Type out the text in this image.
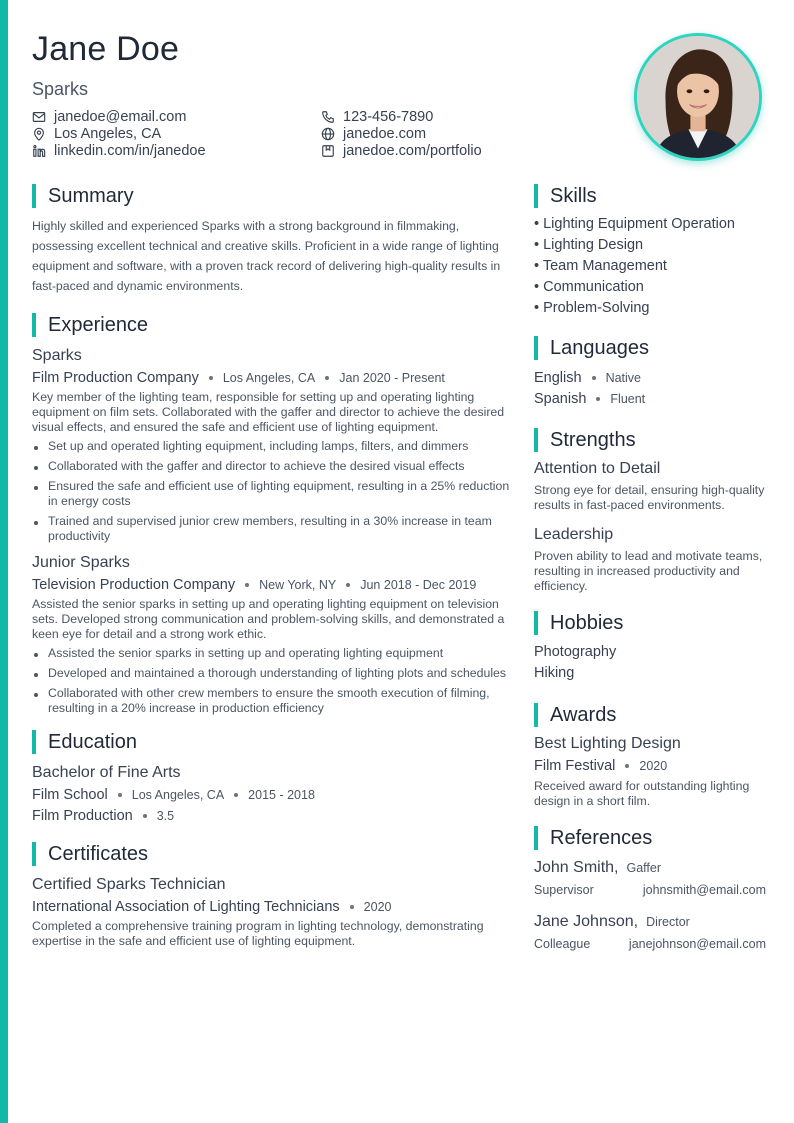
Jane Doe
Sparks
janedoe@email.com	123-456-7890
Los Angeles, CA	janedoe.com
linkedin.com/in/janedoe	janedoe.com/portfolio
Summary
Highly skilled and experienced Sparks with a strong background in filmmaking, possessing excellent technical and creative skills. Proficient in a wide range of lighting equipment and software, with a proven track record of delivering high-quality results in fast-paced and dynamic environments.
Experience
Sparks
Film Production Company Los Angeles, CA Jan 2020 - Present
Key member of the lighting team, responsible for setting up and operating lighting equipment on film sets. Collaborated with the gaffer and director to achieve the desired visual effects, and ensured the safe and efficient use of lighting equipment.
Set up and operated lighting equipment, including lamps, filters, and dimmers
Collaborated with the gaffer and director to achieve the desired visual effects
Ensured the safe and efficient use of lighting equipment, resulting in a 25% reduction in energy costs
Trained and supervised junior crew members, resulting in a 30% increase in team productivity
Junior Sparks
Television Production Company New York, NY Jun 2018 - Dec 2019
Assisted the senior sparks in setting up and operating lighting equipment on television sets. Developed strong communication and problem-solving skills, and demonstrated a keen eye for detail and a strong work ethic.
Assisted the senior sparks in setting up and operating lighting equipment
Developed and maintained a thorough understanding of lighting plots and schedules
Collaborated with other crew members to ensure the smooth execution of filming, resulting in a 20% increase in production efficiency
Education
Bachelor of Fine Arts
Film School Los Angeles, CA 2015 - 2018
Film Production 3.5
Certificates
Certified Sparks Technician
International Association of Lighting Technicians 2020
Completed a comprehensive training program in lighting technology, demonstrating expertise in the safe and efficient use of lighting equipment.
Skills
• Lighting Equipment Operation
• Lighting Design
• Team Management
• Communication
• Problem-Solving
Languages
English Native
Spanish Fluent
Strengths
Attention to Detail
Strong eye for detail, ensuring high-quality results in fast-paced environments.
Leadership
Proven ability to lead and motivate teams, resulting in increased productivity and efficiency.
Hobbies
Photography
Hiking
Awards
Best Lighting Design
Film Festival 2020
Received award for outstanding lighting design in a short film.
References
John Smith, Gaffer
Supervisor	johnsmith@email.com
Jane Johnson, Director
Colleague	janejohnson@email.com
